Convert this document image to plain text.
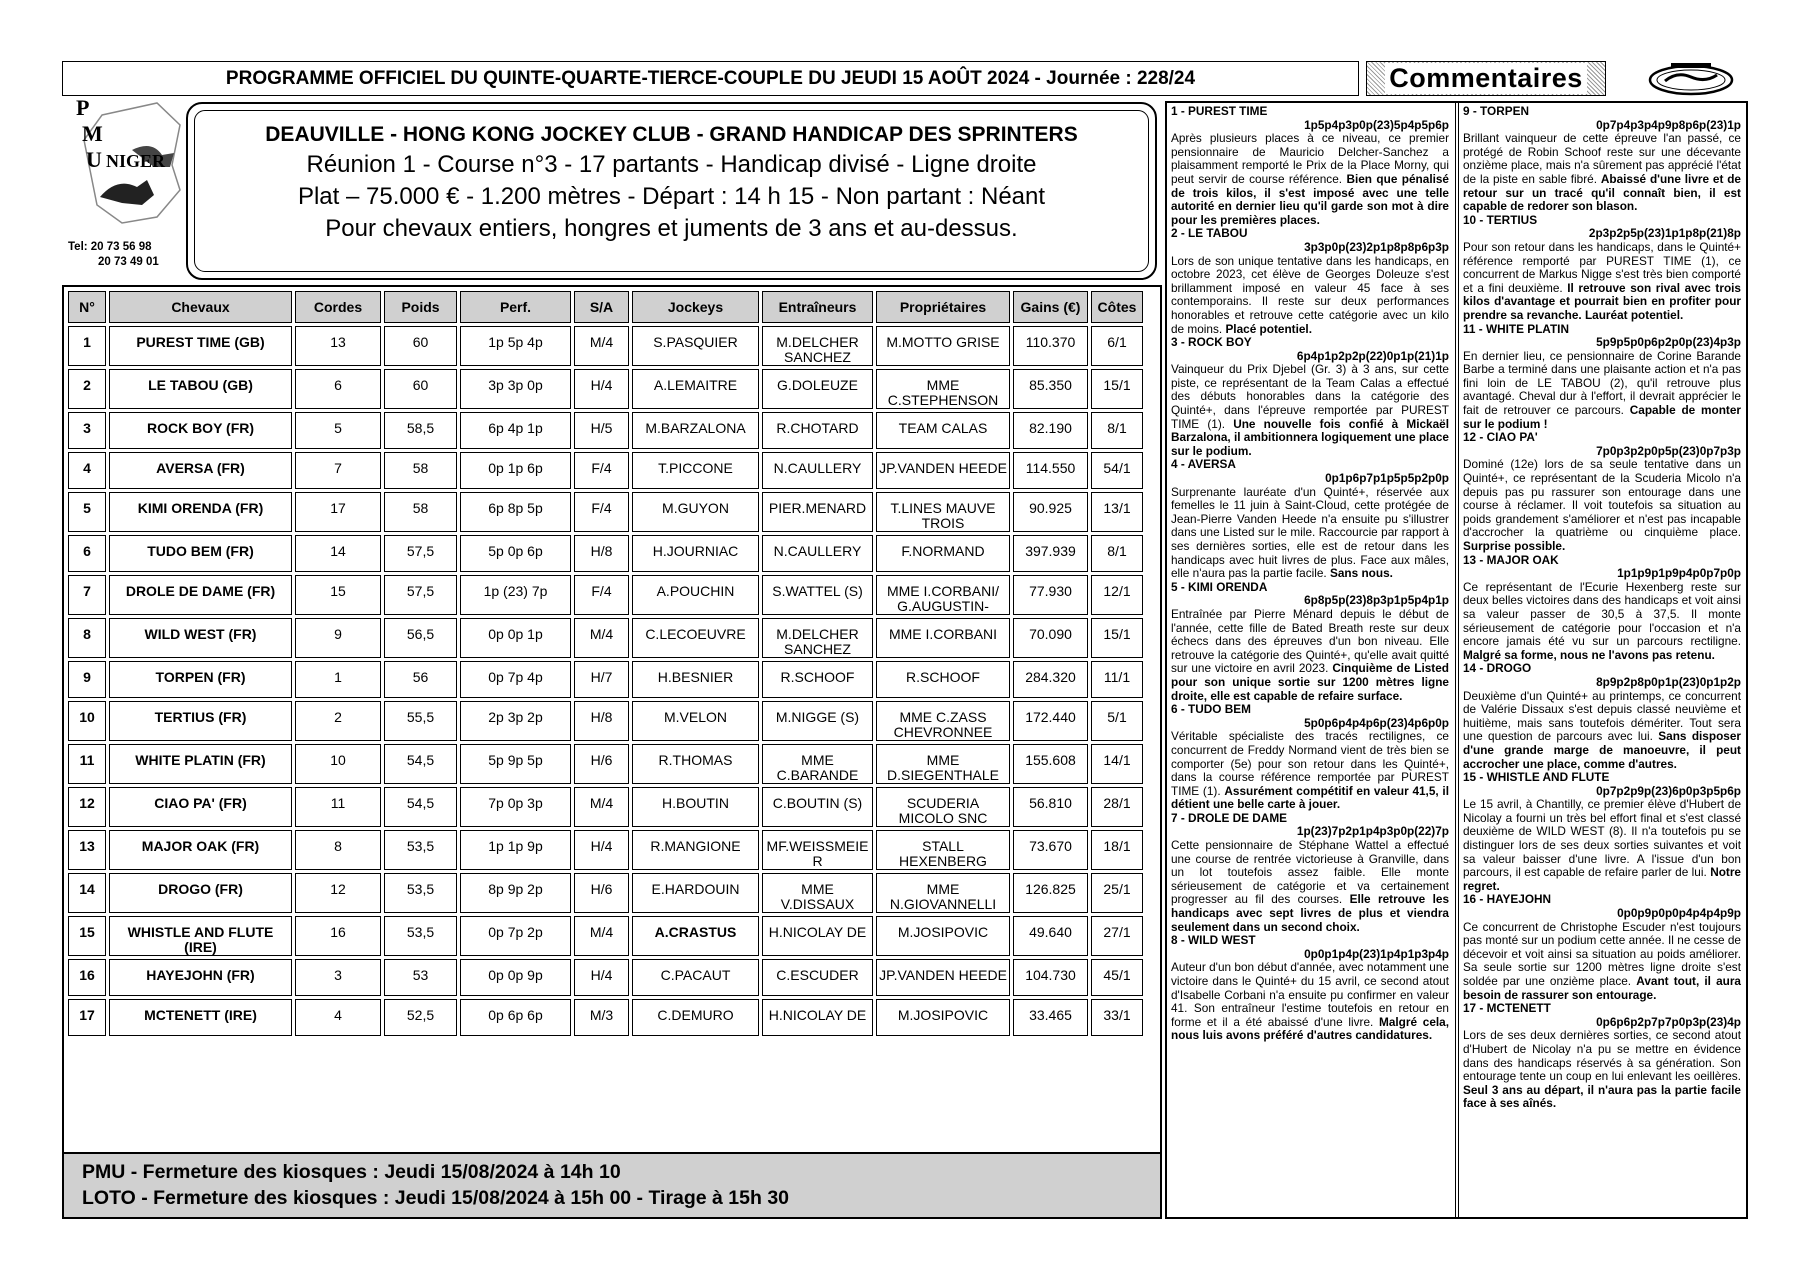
PROGRAMME OFFICIEL DU QUINTE-QUARTE-TIERCE-COUPLE DU JEUDI 15 AOÛT 2024 - Journée : 228/24	Commentaires
P
M
U NIGER
Tel: 20 73 56 98
20 73 49 01
DEAUVILLE - HONG KONG JOCKEY CLUB - GRAND HANDICAP DES SPRINTERS
Réunion 1 - Course n°3 - 17 partants - Handicap divisé - Ligne droite
Plat – 75.000 € - 1.200 mètres - Départ : 14 h 15 - Non partant : Néant
Pour chevaux entiers, hongres et juments de 3 ans et au-dessus.
N°	Chevaux	Cordes	Poids	Perf.	S/A	Jockeys	Entraîneurs	Propriétaires	Gains (€)	Côtes
1	PUREST TIME (GB)	13	60	1p 5p 4p	M/4	S.PASQUIER	M.DELCHER SANCHEZ	M.MOTTO GRISE	110.370	6/1
2	LE TABOU (GB)	6	60	3p 3p 0p	H/4	A.LEMAITRE	G.DOLEUZE	MME C.STEPHENSON	85.350	15/1
3	ROCK BOY (FR)	5	58,5	6p 4p 1p	H/5	M.BARZALONA	R.CHOTARD	TEAM CALAS	82.190	8/1
4	AVERSA (FR)	7	58	0p 1p 6p	F/4	T.PICCONE	N.CAULLERY	JP.VANDEN HEEDE	114.550	54/1
5	KIMI ORENDA (FR)	17	58	6p 8p 5p	F/4	M.GUYON	PIER.MENARD	T.LINES MAUVE TROIS	90.925	13/1
6	TUDO BEM (FR)	14	57,5	5p 0p 6p	H/8	H.JOURNIAC	N.CAULLERY	F.NORMAND	397.939	8/1
7	DROLE DE DAME (FR)	15	57,5	1p (23) 7p	F/4	A.POUCHIN	S.WATTEL (S)	MME I.CORBANI/ G.AUGUSTIN-	77.930	12/1
8	WILD WEST (FR)	9	56,5	0p 0p 1p	M/4	C.LECOEUVRE	M.DELCHER SANCHEZ	MME I.CORBANI	70.090	15/1
9	TORPEN (FR)	1	56	0p 7p 4p	H/7	H.BESNIER	R.SCHOOF	R.SCHOOF	284.320	11/1
10	TERTIUS (FR)	2	55,5	2p 3p 2p	H/8	M.VELON	M.NIGGE (S)	MME C.ZASS CHEVRONNEE	172.440	5/1
11	WHITE PLATIN (FR)	10	54,5	5p 9p 5p	H/6	R.THOMAS	MME C.BARANDE	MME D.SIEGENTHALE	155.608	14/1
12	CIAO PA' (FR)	11	54,5	7p 0p 3p	M/4	H.BOUTIN	C.BOUTIN (S)	SCUDERIA MICOLO SNC	56.810	28/1
13	MAJOR OAK (FR)	8	53,5	1p 1p 9p	H/4	R.MANGIONE	MF.WEISSMEIE R	STALL HEXENBERG	73.670	18/1
14	DROGO (FR)	12	53,5	8p 9p 2p	H/6	E.HARDOUIN	MME V.DISSAUX	MME N.GIOVANNELLI	126.825	25/1
15	WHISTLE AND FLUTE (IRE)	16	53,5	0p 7p 2p	M/4	A.CRASTUS	H.NICOLAY DE	M.JOSIPOVIC	49.640	27/1
16	HAYEJOHN (FR)	3	53	0p 0p 9p	H/4	C.PACAUT	C.ESCUDER	JP.VANDEN HEEDE	104.730	45/1
17	MCTENETT (IRE)	4	52,5	0p 6p 6p	M/3	C.DEMURO	H.NICOLAY DE	M.JOSIPOVIC	33.465	33/1
PMU - Fermeture des kiosques : Jeudi 15/08/2024 à 14h 10
LOTO - Fermeture des kiosques : Jeudi 15/08/2024 à 15h 00 - Tirage à 15h 30
1 - PUREST TIME
1p5p4p3p0p(23)5p4p5p6p
Après plusieurs places à ce niveau, ce premier pensionnaire de Mauricio Delcher-Sanchez a plaisamment remporté le Prix de la Place Morny, qui peut servir de course référence. Bien que pénalisé de trois kilos, il s'est imposé avec une telle autorité en dernier lieu qu'il garde son mot à dire pour les premières places.
2 - LE TABOU
3p3p0p(23)2p1p8p8p6p3p
Lors de son unique tentative dans les handicaps, en octobre 2023, cet élève de Georges Doleuze s'est brillamment imposé en valeur 45 face à ses contemporains. Il reste sur deux performances honorables et retrouve cette catégorie avec un kilo de moins. Placé potentiel.
3 - ROCK BOY
6p4p1p2p2p(22)0p1p(21)1p
Vainqueur du Prix Djebel (Gr. 3) à 3 ans, sur cette piste, ce représentant de la Team Calas a effectué des débuts honorables dans la catégorie des Quinté+, dans l'épreuve remportée par PUREST TIME (1). Une nouvelle fois confié à Mickaël Barzalona, il ambitionnera logiquement une place sur le podium.
4 - AVERSA
0p1p6p7p1p5p5p2p0p
Surprenante lauréate d'un Quinté+, réservée aux femelles le 11 juin à Saint-Cloud, cette protégée de Jean-Pierre Vanden Heede n'a ensuite pu s'illustrer dans une Listed sur le mile. Raccourcie par rapport à ses dernières sorties, elle est de retour dans les handicaps avec huit livres de plus. Face aux mâles, elle n'aura pas la partie facile. Sans nous.
5 - KIMI ORENDA
6p8p5p(23)8p3p1p5p4p1p
Entraînée par Pierre Ménard depuis le début de l'année, cette fille de Bated Breath reste sur deux échecs dans des épreuves d'un bon niveau. Elle retrouve la catégorie des Quinté+, qu'elle avait quitté sur une victoire en avril 2023. Cinquième de Listed pour son unique sortie sur 1200 mètres ligne droite, elle est capable de refaire surface.
6 - TUDO BEM
5p0p6p4p4p6p(23)4p6p0p
Véritable spécialiste des tracés rectilignes, ce concurrent de Freddy Normand vient de très bien se comporter (5e) pour son retour dans les Quinté+, dans la course référence remportée par PUREST TIME (1). Assurément compétitif en valeur 41,5, il détient une belle carte à jouer.
7 - DROLE DE DAME
1p(23)7p2p1p4p3p0p(22)7p
Cette pensionnaire de Stéphane Wattel a effectué une course de rentrée victorieuse à Granville, dans un lot toutefois assez faible. Elle monte sérieusement de catégorie et va certainement progresser au fil des courses. Elle retrouve les handicaps avec sept livres de plus et viendra seulement dans un second choix.
8 - WILD WEST
0p0p1p4p(23)1p4p1p3p4p
Auteur d'un bon début d'année, avec notamment une victoire dans le Quinté+ du 15 avril, ce second atout d'Isabelle Corbani n'a ensuite pu confirmer en valeur 41. Son entraîneur l'estime toutefois en retour en forme et il a été abaissé d'une livre. Malgré cela, nous luis avons préféré d'autres candidatures.
9 - TORPEN
0p7p4p3p4p9p8p6p(23)1p
Brillant vainqueur de cette épreuve l'an passé, ce protégé de Robin Schoof reste sur une décevante onzième place, mais n'a sûrement pas apprécié l'état de la piste en sable fibré. Abaissé d'une livre et de retour sur un tracé qu'il connaît bien, il est capable de redorer son blason.
10 - TERTIUS
2p3p2p5p(23)1p1p8p(21)8p
Pour son retour dans les handicaps, dans le Quinté+ référence remporté par PUREST TIME (1), ce concurrent de Markus Nigge s'est très bien comporté et a fini deuxième. Il retrouve son rival avec trois kilos d'avantage et pourrait bien en profiter pour prendre sa revanche. Lauréat potentiel.
11 - WHITE PLATIN
5p9p5p0p6p2p0p(23)4p3p
En dernier lieu, ce pensionnaire de Corine Barande Barbe a terminé dans une plaisante action et n'a pas fini loin de LE TABOU (2), qu'il retrouve plus avantagé. Cheval dur à l'effort, il devrait apprécier le fait de retrouver ce parcours. Capable de monter sur le podium !
12 - CIAO PA'
7p0p3p2p0p5p(23)0p7p3p
Dominé (12e) lors de sa seule tentative dans un Quinté+, ce représentant de la Scuderia Micolo n'a depuis pas pu rassurer son entourage dans une course à réclamer. Il voit toutefois sa situation au poids grandement s'améliorer et n'est pas incapable d'accrocher la quatrième ou cinquième place. Surprise possible.
13 - MAJOR OAK
1p1p9p1p9p4p0p7p0p
Ce représentant de l'Ecurie Hexenberg reste sur deux belles victoires dans des handicaps et voit ainsi sa valeur passer de 30,5 à 37,5. Il monte sérieusement de catégorie pour l'occasion et n'a encore jamais été vu sur un parcours rectiligne. Malgré sa forme, nous ne l'avons pas retenu.
14 - DROGO
8p9p2p8p0p1p(23)0p1p2p
Deuxième d'un Quinté+ au printemps, ce concurrent de Valérie Dissaux s'est depuis classé neuvième et huitième, mais sans toutefois démériter. Tout sera une question de parcours avec lui. Sans disposer d'une grande marge de manoeuvre, il peut accrocher une place, comme d'autres.
15 - WHISTLE AND FLUTE
0p7p2p9p(23)6p0p3p5p6p
Le 15 avril, à Chantilly, ce premier élève d'Hubert de Nicolay a fourni un très bel effort final et s'est classé deuxième de WILD WEST (8). Il n'a toutefois pu se distinguer lors de ses deux sorties suivantes et voit sa valeur baisser d'une livre. A l'issue d'un bon parcours, il est capable de refaire parler de lui. Notre regret.
16 - HAYEJOHN
0p0p9p0p0p4p4p4p9p
Ce concurrent de Christophe Escuder n'est toujours pas monté sur un podium cette année. Il ne cesse de décevoir et voit ainsi sa situation au poids améliorer. Sa seule sortie sur 1200 mètres ligne droite s'est soldée par une onzième place. Avant tout, il aura besoin de rassurer son entourage.
17 - MCTENETT
0p6p6p2p7p7p0p3p(23)4p
Lors de ses deux dernières sorties, ce second atout d'Hubert de Nicolay n'a pu se mettre en évidence dans des handicaps réservés à sa génération. Son entourage tente un coup en lui enlevant les oeillères. Seul 3 ans au départ, il n'aura pas la partie facile face à ses aînés.
